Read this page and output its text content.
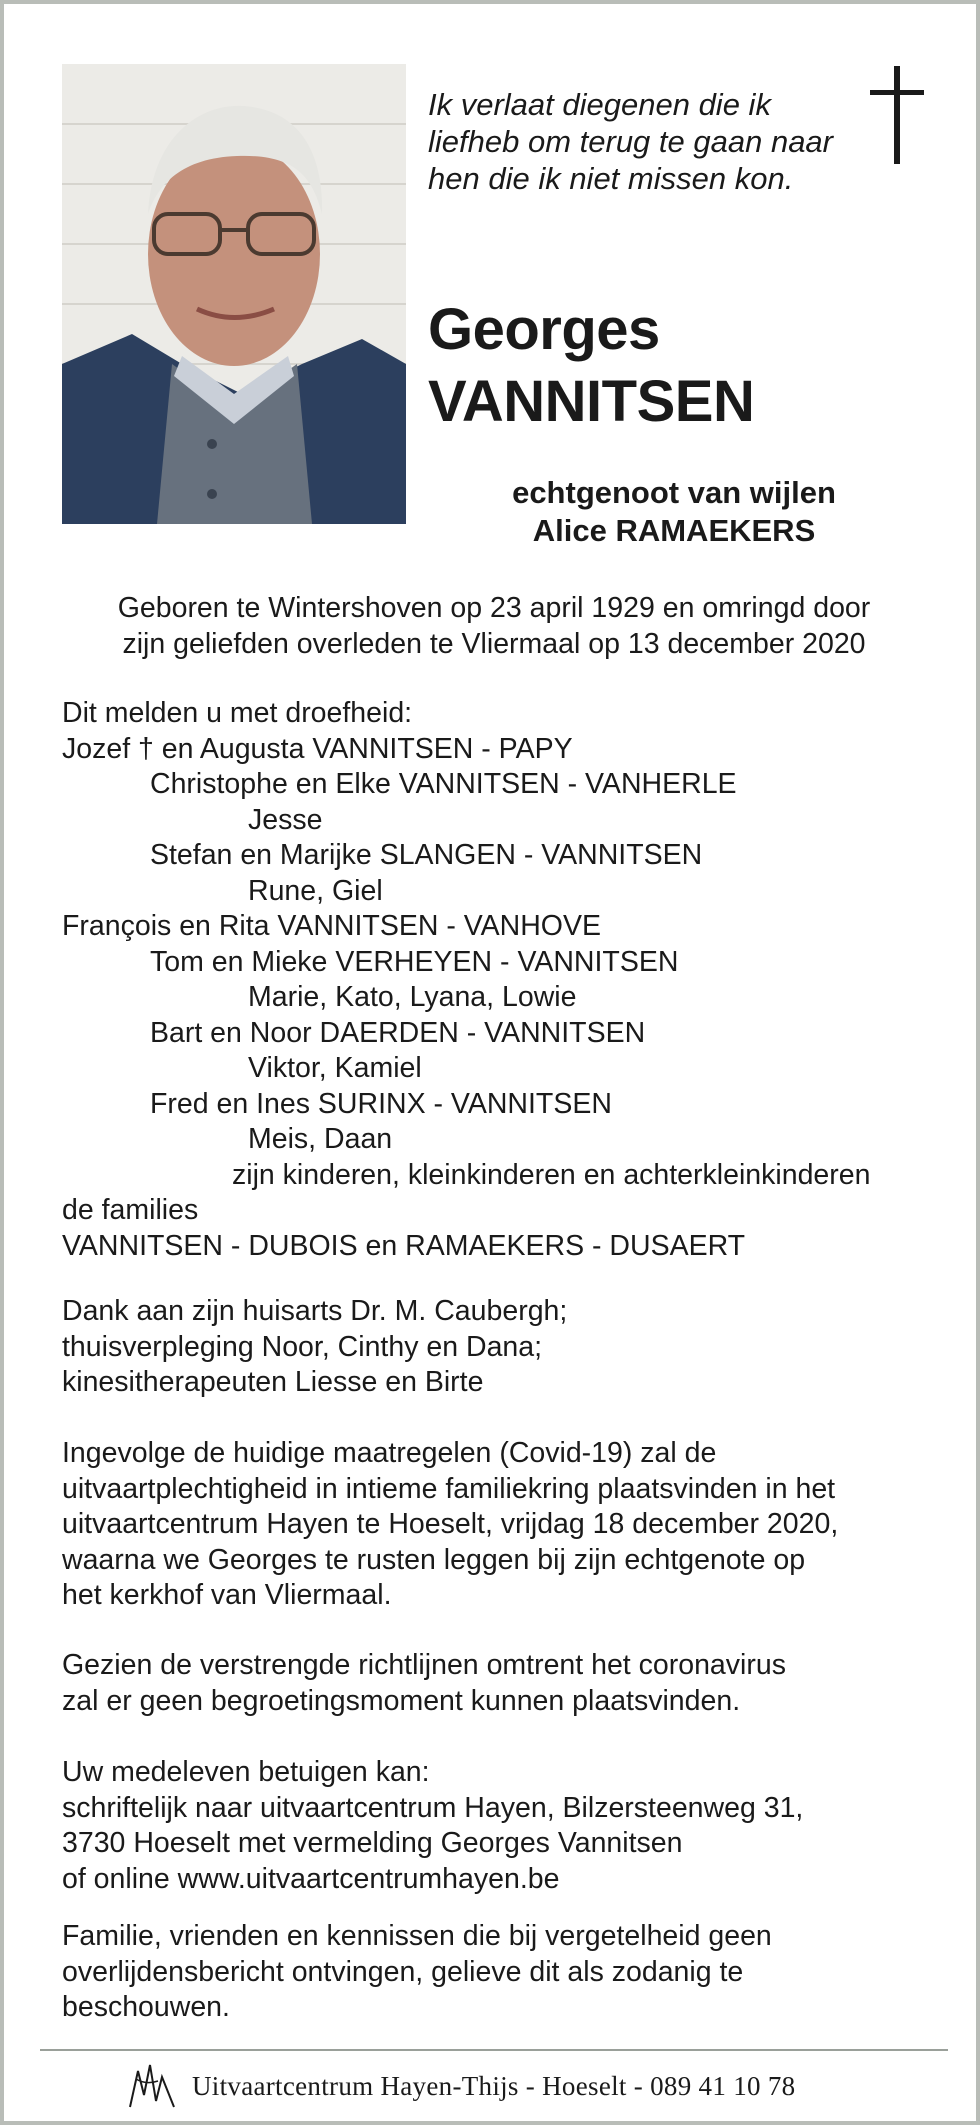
Ik verlaat diegenen die ik
liefheb om terug te gaan naar
hen die ik niet missen kon.
Georges
VANNITSEN
echtgenoot van wijlen
Alice RAMAEKERS
Geboren te Wintershoven op 23 april 1929 en omringd door
zijn geliefden overleden te Vliermaal op 13 december 2020
Dit melden u met droefheid:
Jozef † en Augusta VANNITSEN - PAPY
Christophe en Elke VANNITSEN - VANHERLE
Jesse
Stefan en Marijke SLANGEN - VANNITSEN
Rune, Giel
François en Rita VANNITSEN - VANHOVE
Tom en Mieke VERHEYEN - VANNITSEN
Marie, Kato, Lyana, Lowie
Bart en Noor DAERDEN - VANNITSEN
Viktor, Kamiel
Fred en Ines SURINX - VANNITSEN
Meis, Daan
zijn kinderen, kleinkinderen en achterkleinkinderen
de families
VANNITSEN - DUBOIS en RAMAEKERS - DUSAERT
Dank aan zijn huisarts Dr. M. Caubergh;
thuisverpleging Noor, Cinthy en Dana;
kinesitherapeuten Liesse en Birte
Ingevolge de huidige maatregelen (Covid-19) zal de
uitvaartplechtigheid in intieme familiekring plaatsvinden in het
uitvaartcentrum Hayen te Hoeselt, vrijdag 18 december 2020,
waarna we Georges te rusten leggen bij zijn echtgenote op
het kerkhof van Vliermaal.
Gezien de verstrengde richtlijnen omtrent het coronavirus
zal er geen begroetingsmoment kunnen plaatsvinden.
Uw medeleven betuigen kan:
schriftelijk naar uitvaartcentrum Hayen, Bilzersteenweg 31,
3730 Hoeselt met vermelding Georges Vannitsen
of online www.uitvaartcentrumhayen.be
Familie, vrienden en kennissen die bij vergetelheid geen
overlijdensbericht ontvingen, gelieve dit als zodanig te
beschouwen.
Uitvaartcentrum Hayen-Thijs - Hoeselt - 089 41 10 78
